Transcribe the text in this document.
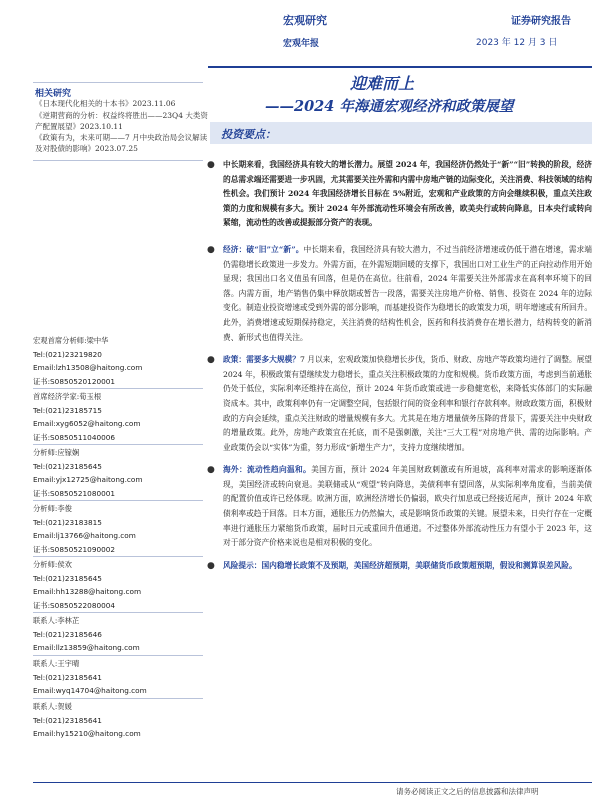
宏观研究
宏观年报
证券研究报告
2023 年 12 月 3 日
迎难而上
——2024 年海通宏观经济和政策展望
投资要点：
相关研究
《日本现代化相关的十本书》2023.11.06
《逆期营商的分析：权益终将胜出——23Q4 大类资产配置展望》2023.10.11
《政策有为，未来可期——7 月中央政治局会议解读及对股债的影响》2023.07.25
宏观首席分析师:梁中华
Tel:(021)23219820
Email:lzh13508@haitong.com
证书:S0850520120001
首席经济学家:荀玉根
Tel:(021)23185715
Email:xyg6052@haitong.com
证书:S0850511040006
分析师:应镓娴
Tel:(021)23185645
Email:yjx12725@haitong.com
证书:S0850521080001
分析师:李俊
Tel:(021)23183815
Email:lj13766@haitong.com
证书:S0850521090002
分析师:侯欢
Tel:(021)23185645
Email:hh13288@haitong.com
证书:S0850522080004
联系人:李林芷
Tel:(021)23185646
Email:llz13859@haitong.com
联系人:王宇晴
Tel:(021)23185641
Email:wyq14704@haitong.com
联系人:贺媛
Tel:(021)23185641
Email:hy15210@haitong.com
● 中长期来看，我国经济具有较大的增长潜力。展望 2024 年，我国经济仍然处于“新”“旧”转换的阶段，经济的总需求端还需要进一步巩固，尤其需要关注外需和内需中房地产链的边际变化，关注消费、科技领域的结构性机会。我们预计 2024 年我国经济增长目标在 5%附近，宏观和产业政策的方向会继续积极，重点关注政策的力度和规模有多大。预计 2024 年外部流动性环境会有所改善，欧美央行或转向降息，日本央行或转向紧缩，流动性的改善或提振部分资产的表现。
● 经济：破“旧”立“新”。中长期来看，我国经济具有较大潜力，不过当前经济增速或仍低于潜在增速，需求端仍需稳增长政策进一步发力。外需方面，在外需短期回暖的支撑下，我国出口对工业生产的正向拉动作用开始显现；我国出口名义值虽有回落，但是仍在高位。往前看，2024 年需要关注外部需求在高利率环境下的回落。内需方面，地产销售仍集中释放期或暂告一段落，需要关注房地产价格、销售、投资在 2024 年的边际变化。制造业投资增速或受到外需的部分影响，而基建投资作为稳增长的政策发力项，明年增速或有所回升。此外，消费增速或短期保持稳定，关注消费的结构性机会，医药和科技消费存在增长潜力，结构转变的新消费、新形式也值得关注。
● 政策：需要多大规模？7 月以来，宏观政策加快稳增长步伐，货币、财政、房地产等政策均进行了调整。展望 2024 年，积极政策有望继续发力稳增长，重点关注积极政策的力度和规模。货币政策方面，考虑到当前通胀仍处于低位，实际利率还维持在高位，预计 2024 年货币政策或进一步稳健宽松，来降低实体部门的实际融资成本。其中，政策利率仍有一定调整空间，包括银行间的资金利率和银行存款利率。财政政策方面，积极财政的方向会延续，重点关注财政的增量规模有多大。尤其是在地方增量债务压降的背景下，需要关注中央财政的增量政策。此外，房地产政策宜在托底，而不是强刺激，关注“三大工程”对房地产供、需的边际影响。产业政策仍会以“实体”为重，努力形成“新增生产力”，支持力度继续增加。
● 海外：流动性趋向温和。美国方面，预计 2024 年美国财政刺激或有所退坡，高利率对需求的影响逐渐体现，美国经济或转向衰退。美联储或从“观望”转向降息，美债利率有望回落，从实际利率角度看，当前美债的配置价值或许已经体现。欧洲方面，欧洲经济增长仍偏弱，欧央行加息或已经接近尾声，预计 2024 年欧债利率或趋于回落。日本方面，通胀压力仍然偏大，或是影响货币政策的关键。展望未来，日央行存在一定概率进行通胀压力紧缩货币政策，届时日元或重回升值通道。不过整体外部流动性压力有望小于 2023 年，这对于部分资产价格来说也是相对积极的变化。
● 风险提示：国内稳增长政策不及预期，美国经济超预期，美联储货币政策超预期，假设和测算误差风险。
请务必阅读正文之后的信息披露和法律声明
